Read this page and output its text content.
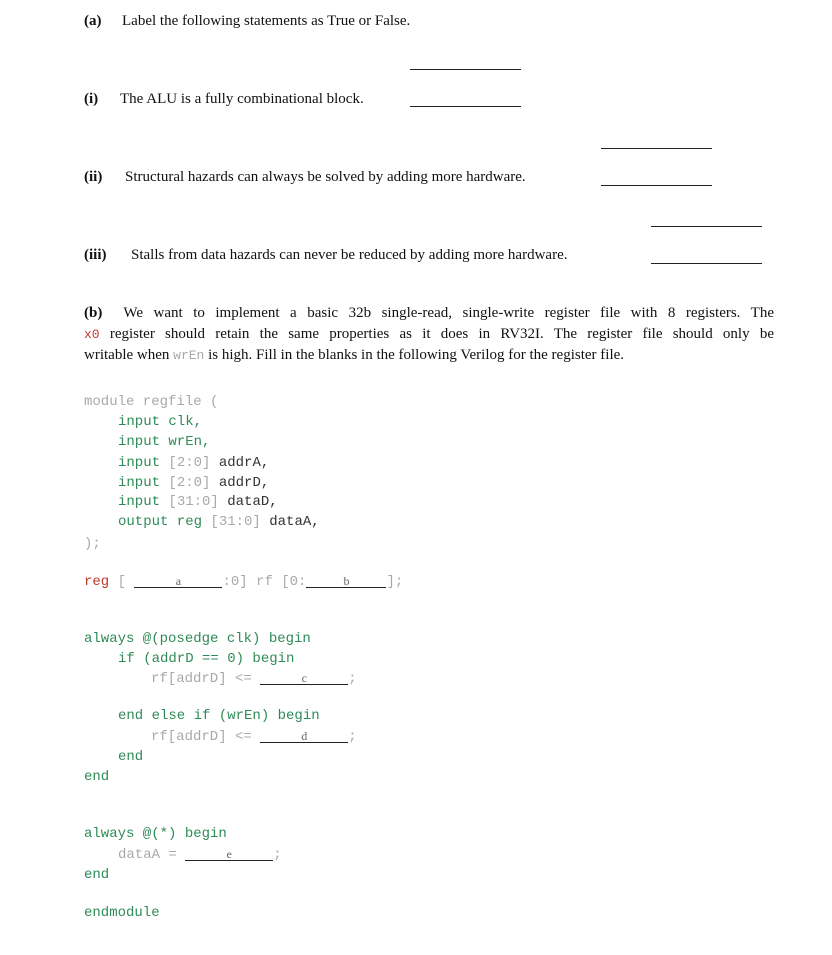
(a) Label the following statements as True or False.
(i) The ALU is a fully combinational block.
(ii) Structural hazards can always be solved by adding more hardware.
(iii) Stalls from data hazards can never be reduced by adding more hardware.
(b) We want to implement a basic 32b single-read, single-write register file with 8 registers. The
x0 register should retain the same properties as it does in RV32I. The register file should only be
writable when wrEn is high. Fill in the blanks in the following Verilog for the register file.
module regfile (
input clk,
input wrEn,
input [2:0] addrA,
input [2:0] addrD,
input [31:0] dataD,
output reg [31:0] dataA,
);
reg [	a	:0] rf [0:	b	];
always @(posedge clk) begin
if (addrD == 0) begin
rf[addrD] <=	c	;
end else if (wrEn) begin
rf[addrD] <=	d	;
end
end
always @(*) begin
dataA =	e	;
end
endmodule
